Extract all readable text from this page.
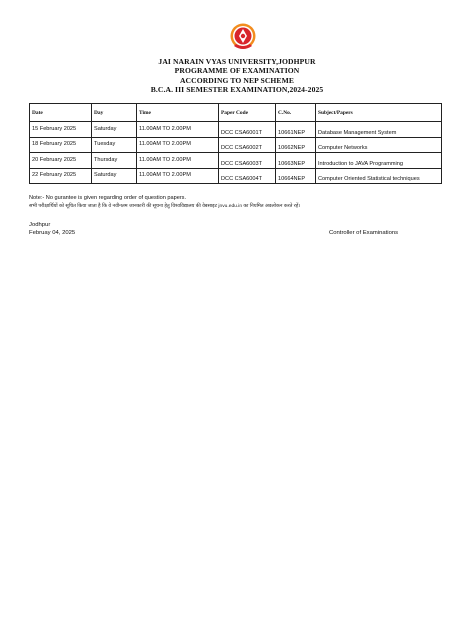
JAI NARAIN VYAS UNIVERSITY,JODHPUR
PROGRAMME OF EXAMINATION
ACCORDING TO NEP SCHEME
B.C.A. III SEMESTER EXAMINATION,2024-2025
Date	Day	Time	Paper Code	C.No.	Subject/Papers
15 February 2025	Saturday	11.00AM TO 2.00PM	DCC CSA6001T	10661NEP	Database Management System
18 February 2025	Tuesday	11.00AM TO 2.00PM	DCC CSA6002T	10662NEP	Computer Networks
20 February 2025	Thursday	11.00AM TO 2.00PM	DCC CSA6003T	10663NEP	Introduction to JAVA Programming
22 February 2025	Saturday	11.00AM TO 2.00PM	DCC CSA6004T	10664NEP	Computer Oriented Statistical techniques
Note:- No gurantee is given regarding order of question papers.
सभी परीक्षार्थियों को सूचित किया जाता है कि वे नवीनतम जानकारी की सूचना हेतु विश्वविद्यालय की वेबसाइट jnvu.edu.in का नियमित अवलोकन करते रहें।
Jodhpur
Februay 04, 2025	Controller of Examinations
